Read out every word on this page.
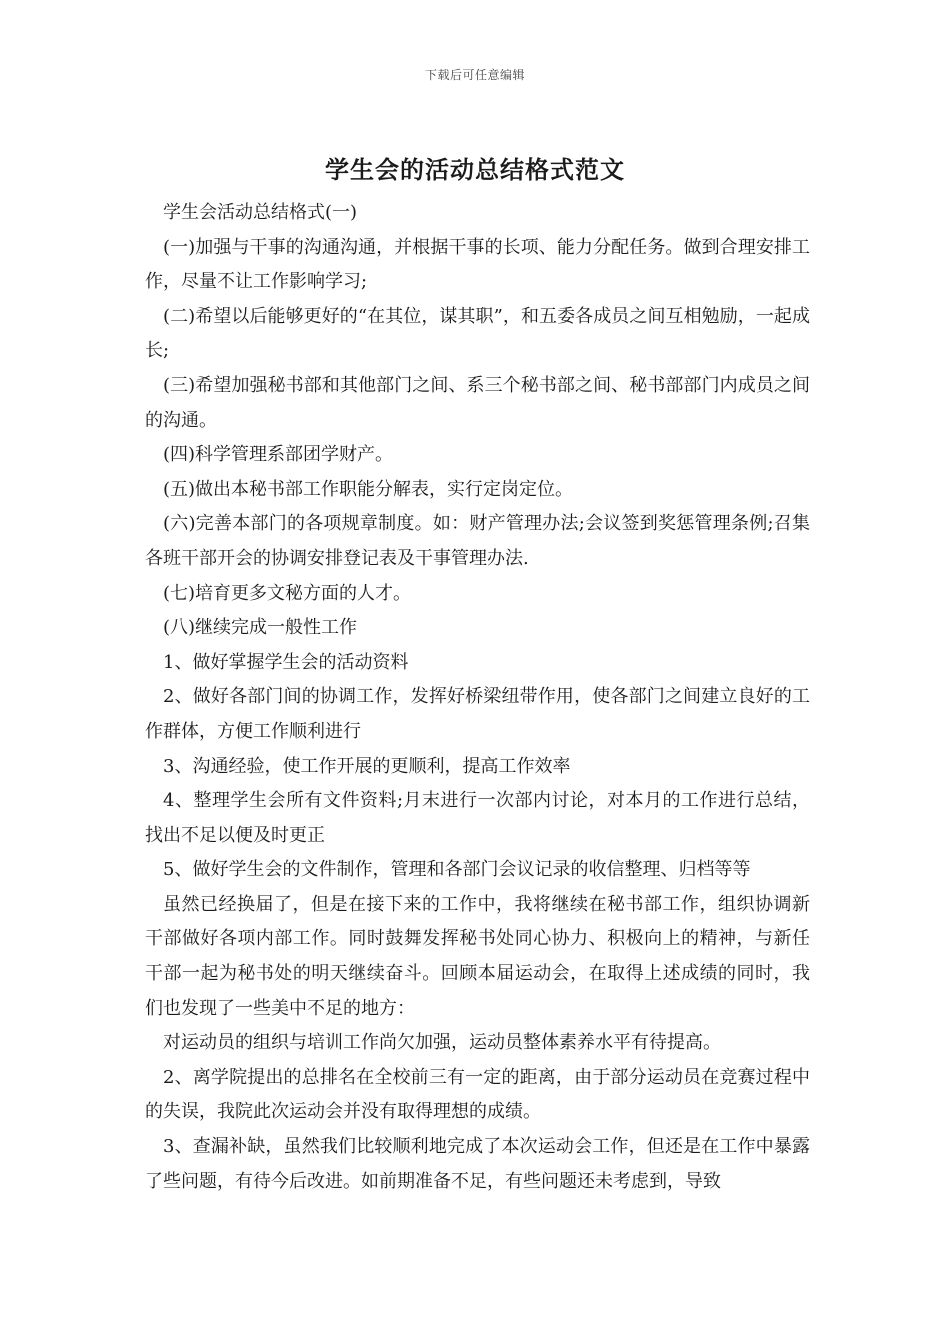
下载后可任意编辑
学生会的活动总结格式范文

学生会活动总结格式(一)

(一)加强与干事的沟通沟通，并根据干事的长项、能力分配任务。做到合理安排工作，尽量不让工作影响学习;

(二)希望以后能够更好的“在其位，谋其职”，和五委各成员之间互相勉励，一起成长;

(三)希望加强秘书部和其他部门之间、系三个秘书部之间、秘书部部门内成员之间的沟通。

(四)科学管理系部团学财产。

(五)做出本秘书部工作职能分解表，实行定岗定位。

(六)完善本部门的各项规章制度。如：财产管理办法;会议签到奖惩管理条例;召集各班干部开会的协调安排登记表及干事管理办法.

(七)培育更多文秘方面的人才。

(八)继续完成一般性工作

1、做好掌握学生会的活动资料

2、做好各部门间的协调工作，发挥好桥梁纽带作用，使各部门之间建立良好的工作群体，方便工作顺利进行

3、沟通经验，使工作开展的更顺利，提高工作效率

4、整理学生会所有文件资料;月末进行一次部内讨论，对本月的工作进行总结，找出不足以便及时更正

5、做好学生会的文件制作，管理和各部门会议记录的收信整理、归档等等

虽然已经换届了，但是在接下来的工作中，我将继续在秘书部工作，组织协调新干部做好各项内部工作。同时鼓舞发挥秘书处同心协力、积极向上的精神，与新任干部一起为秘书处的明天继续奋斗。回顾本届运动会，在取得上述成绩的同时，我们也发现了一些美中不足的地方：

对运动员的组织与培训工作尚欠加强，运动员整体素养水平有待提高。

2、离学院提出的总排名在全校前三有一定的距离，由于部分运动员在竞赛过程中的失误，我院此次运动会并没有取得理想的成绩。

3、查漏补缺，虽然我们比较顺利地完成了本次运动会工作，但还是在工作中暴露了些问题，有待今后改进。如前期准备不足，有些问题还未考虑到，导致
